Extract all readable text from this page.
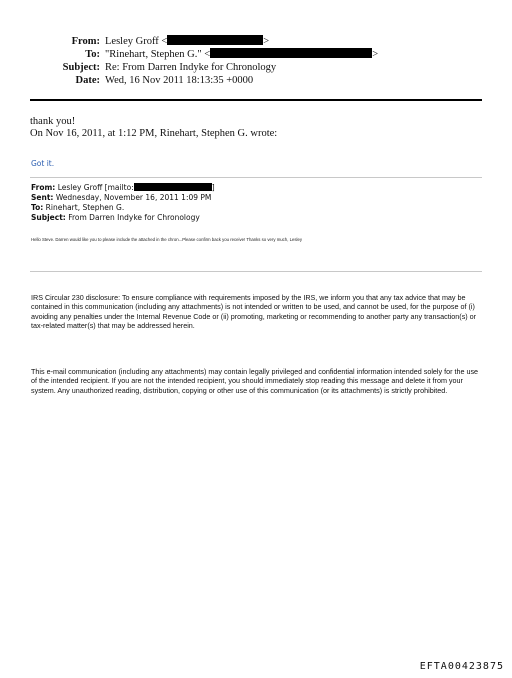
From: Lesley Groff <	>
To: "Rinehart, Stephen G." <	>
Subject: Re: From Darren Indyke for Chronology
Date: Wed, 16 Nov 2011 18:13:35 +0000
thank you!
On Nov 16, 2011, at 1:12 PM, Rinehart, Stephen G. wrote:
Got it.
From: Lesley Groff [mailto:	]
Sent: Wednesday, November 16, 2011 1:09 PM
To: Rinehart, Stephen G.
Subject: From Darren Indyke for Chronology
Hello Steve. Darren would like you to please include the attached in the chron...Please confirm back you receive! Thanks so very much, Lesley
IRS Circular 230 disclosure: To ensure compliance with requirements imposed by the IRS, we inform you that any tax advice that may be contained in this communication (including any attachments) is not intended or written to be used, and cannot be used, for the purpose of (i) avoiding any penalties under the Internal Revenue Code or (ii) promoting, marketing or recommending to another party any transaction(s) or tax-related matter(s) that may be addressed herein.
This e-mail communication (including any attachments) may contain legally privileged and confidential information intended solely for the use of the intended recipient. If you are not the intended recipient, you should immediately stop reading this message and delete it from your system. Any unauthorized reading, distribution, copying or other use of this communication (or its attachments) is strictly prohibited.
EFTA00423875
